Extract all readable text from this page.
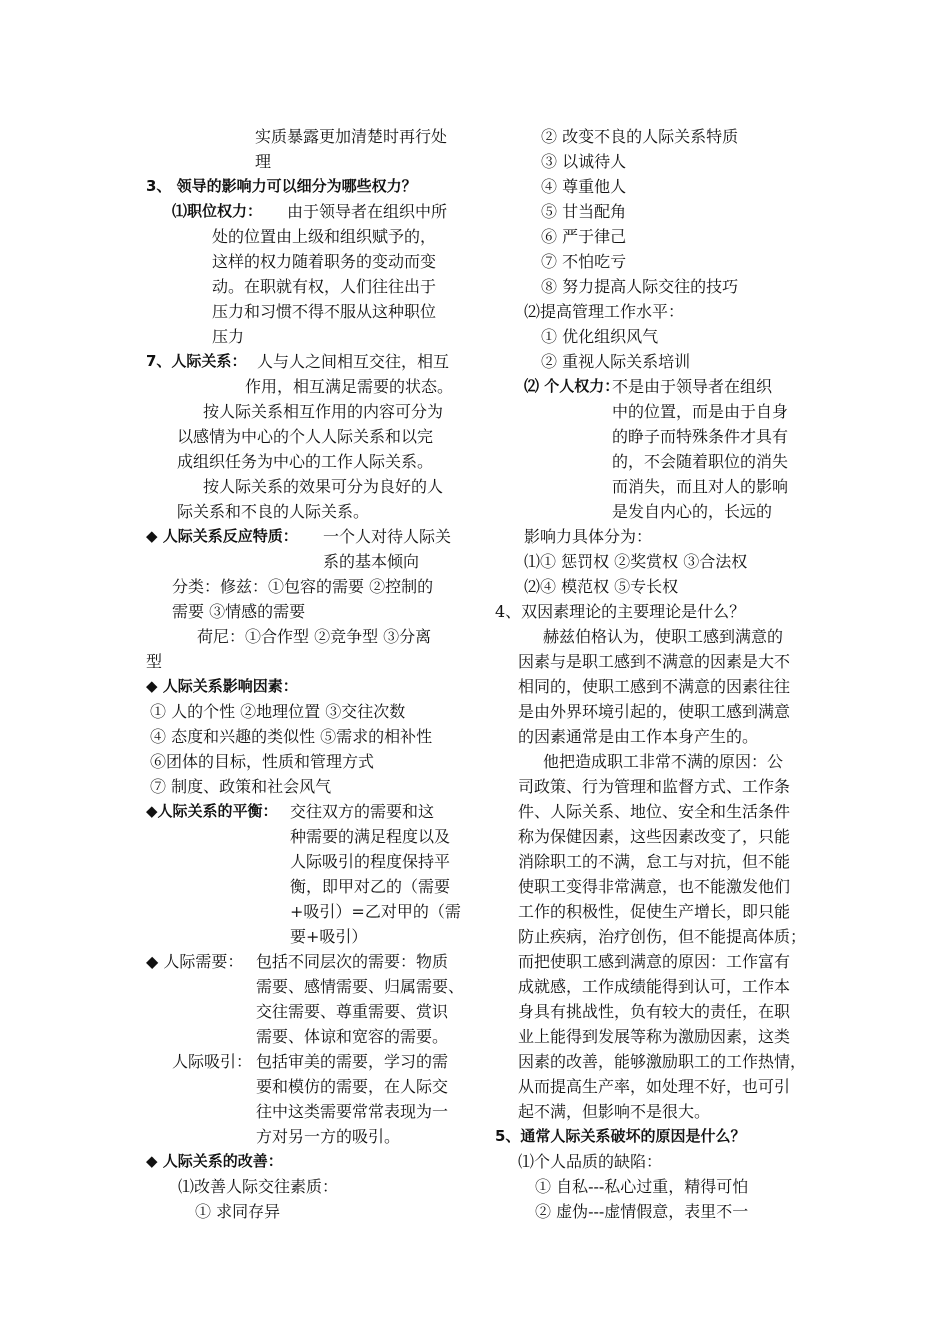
实质暴露更加清楚时再行处
理
3、 领导的影响力可以细分为哪些权力？
⑴职位权力： 由于领导者在组织中所
处的位置由上级和组织赋予的，
这样的权力随着职务的变动而变
动。在职就有权，人们往往出于
压力和习惯不得不服从这种职位
压力
7、人际关系： 人与人之间相互交往，相互
作用，相互满足需要的状态。
按人际关系相互作用的内容可分为
以感情为中心的个人人际关系和以完
成组织任务为中心的工作人际关系。
按人际关系的效果可分为良好的人
际关系和不良的人际关系。
◆ 人际关系反应特质： 一个人对待人际关
系的基本倾向
分类：修兹：①包容的需要 ②控制的
需要 ③情感的需要
荷尼：①合作型 ②竞争型 ③分离
型
◆ 人际关系影响因素：
① 人的个性 ②地理位置 ③交往次数
④ 态度和兴趣的类似性 ⑤需求的相补性
⑥团体的目标，性质和管理方式
⑦ 制度、政策和社会风气
◆人际关系的平衡： 交往双方的需要和这
种需要的满足程度以及
人际吸引的程度保持平
衡，即甲对乙的（需要
+吸引）=乙对甲的（需
要+吸引）
◆ 人际需要： 包括不同层次的需要：物质
需要、感情需要、归属需要、
交往需要、尊重需要、赏识
需要、体谅和宽容的需要。
人际吸引： 包括审美的需要，学习的需
要和模仿的需要，在人际交
往中这类需要常常表现为一
方对另一方的吸引。
◆ 人际关系的改善：
⑴改善人际交往素质：
① 求同存异
② 改变不良的人际关系特质
③ 以诚待人
④ 尊重他人
⑤ 甘当配角
⑥ 严于律己
⑦ 不怕吃亏
⑧ 努力提高人际交往的技巧
⑵提高管理工作水平：
① 优化组织风气
② 重视人际关系培训
⑵ 个人权力：
不是由于领导者在组织
中的位置，而是由于自身
的睁子而特殊条件才具有
的，不会随着职位的消失
而消失，而且对人的影响
是发自内心的，长远的
影响力具体分为：
⑴① 惩罚权 ②奖赏权 ③合法权
⑵④ 模范权 ⑤专长权
4、双因素理论的主要理论是什么？
赫兹伯格认为，使职工感到满意的
因素与是职工感到不满意的因素是大不
相同的，使职工感到不满意的因素往往
是由外界环境引起的，使职工感到满意
的因素通常是由工作本身产生的。
他把造成职工非常不满的原因：公
司政策、行为管理和监督方式、工作条
件、人际关系、地位、安全和生活条件
称为保健因素，这些因素改变了，只能
消除职工的不满，怠工与对抗，但不能
使职工变得非常满意，也不能激发他们
工作的积极性，促使生产增长，即只能
防止疾病，治疗创伤，但不能提高体质；
而把使职工感到满意的原因：工作富有
成就感，工作成绩能得到认可，工作本
身具有挑战性，负有较大的责任，在职
业上能得到发展等称为激励因素，这类
因素的改善，能够激励职工的工作热情，
从而提高生产率，如处理不好，也可引
起不满，但影响不是很大。
5、通常人际关系破坏的原因是什么？
⑴个人品质的缺陷：
① 自私---私心过重，精得可怕
② 虚伪---虚情假意，表里不一
